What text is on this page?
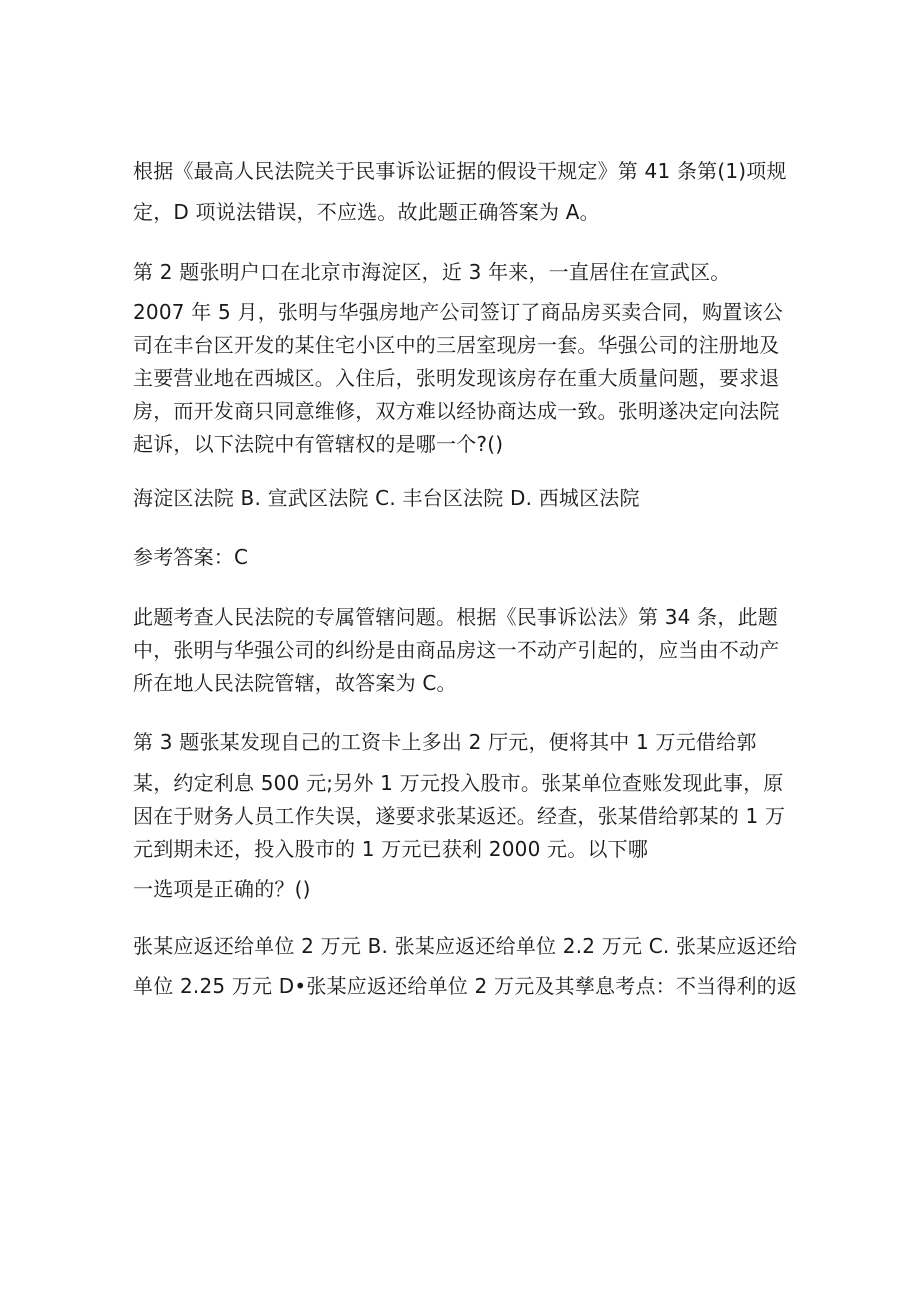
根据《最高人民法院关于民事诉讼证据的假设干规定》第 41 条第(1)项规
定，D 项说法错误，不应选。故此题正确答案为 A。
第 2 题张明户口在北京市海淀区，近 3 年来，一直居住在宣武区。
2007 年 5 月，张明与华强房地产公司签订了商品房买卖合同，购置该公
司在丰台区开发的某住宅小区中的三居室现房一套。华强公司的注册地及
主要营业地在西城区。入住后，张明发现该房存在重大质量问题，要求退
房，而开发商只同意维修，双方难以经协商达成一致。张明遂决定向法院
起诉，以下法院中有管辖权的是哪一个?()
海淀区法院 B. 宣武区法院 C. 丰台区法院 D. 西城区法院
参考答案：C
此题考查人民法院的专属管辖问题。根据《民事诉讼法》第 34 条，此题
中，张明与华强公司的纠纷是由商品房这一不动产引起的，应当由不动产
所在地人民法院管辖，故答案为 C。
第 3 题张某发现自己的工资卡上多出 2 厅元，便将其中 1 万元借给郭
某，约定利息 500 元;另外 1 万元投入股市。张某单位查账发现此事，原
因在于财务人员工作失误，遂要求张某返还。经查，张某借给郭某的 1 万
元到期未还，投入股市的 1 万元已获利 2000 元。以下哪
一选项是正确的？()
张某应返还给单位 2 万元 B. 张某应返还给单位 2.2 万元 C. 张某应返还给
单位 2.25 万元 D•张某应返还给单位 2 万元及其孳息考点：不当得利的返
